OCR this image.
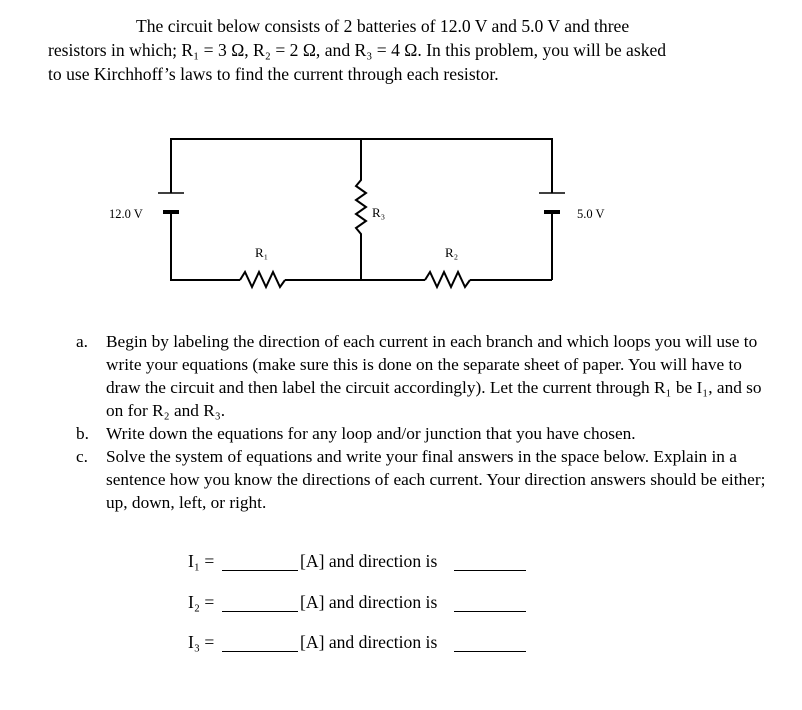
The circuit below consists of 2 batteries of 12.0 V and 5.0 V and three
resistors in which; R₁ = 3 Ω, R₂ = 2 Ω, and R₃ = 4 Ω. In this problem, you will be asked
to use Kirchhoff’s laws to find the current through each resistor.
12.0 V	5.0 V
R₃
R₁	R₂
a.	Begin by labeling the direction of each current in each branch and which loops you will use to write your equations (make sure this is done on the separate sheet of paper. You will have to draw the circuit and then label the circuit accordingly). Let the current through R₁ be I₁, and so on for R₂ and R₃.
b. Write down the equations for any loop and/or junction that you have chosen.
c.	Solve the system of equations and write your final answers in the space below. Explain in a sentence how you know the directions of each current. Your direction answers should be either; up, down, left, or right.
I₁ =	[A] and direction is
I₂ =	[A] and direction is
I₃ =	[A] and direction is
